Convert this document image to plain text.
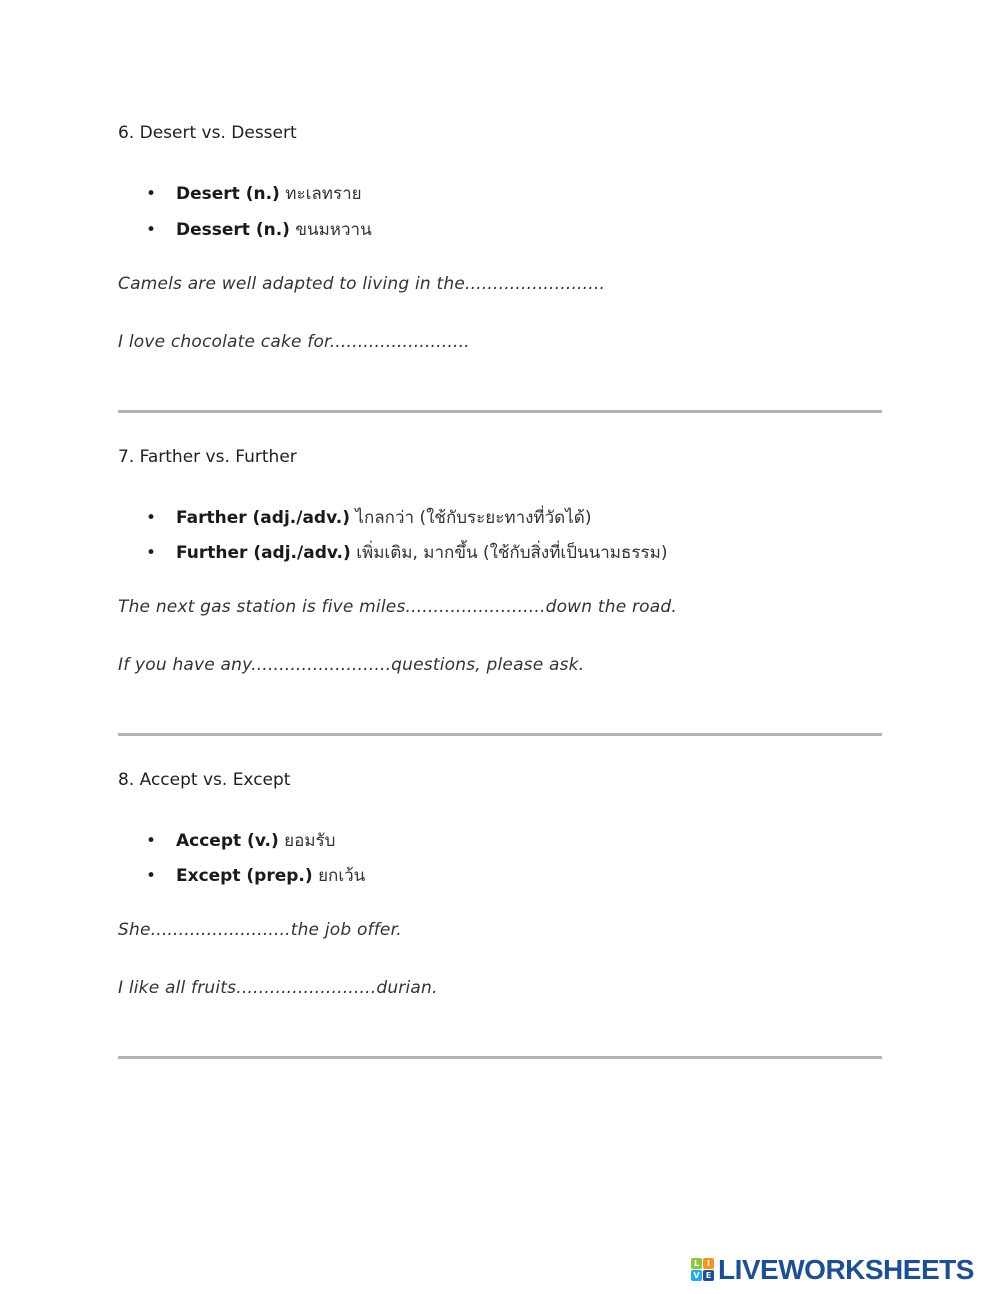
6. Desert vs. Dessert
• Desert (n.) ทะเลทราย
• Dessert (n.) ขนมหวาน
Camels are well adapted to living in the.........................
I love chocolate cake for.........................
7. Farther vs. Further
• Farther (adj./adv.) ไกลกว่า (ใช้กับระยะทางที่วัดได้)
• Further (adj./adv.) เพิ่มเติม, มากขึ้น (ใช้กับสิ่งที่เป็นนามธรรม)
The next gas station is five miles.........................down the road.
If you have any.........................questions, please ask.
8. Accept vs. Except
• Accept (v.) ยอมรับ
• Except (prep.) ยกเว้น
She.........................the job offer.
I like all fruits.........................durian.
L I
V E LIVEWORKSHEETS
